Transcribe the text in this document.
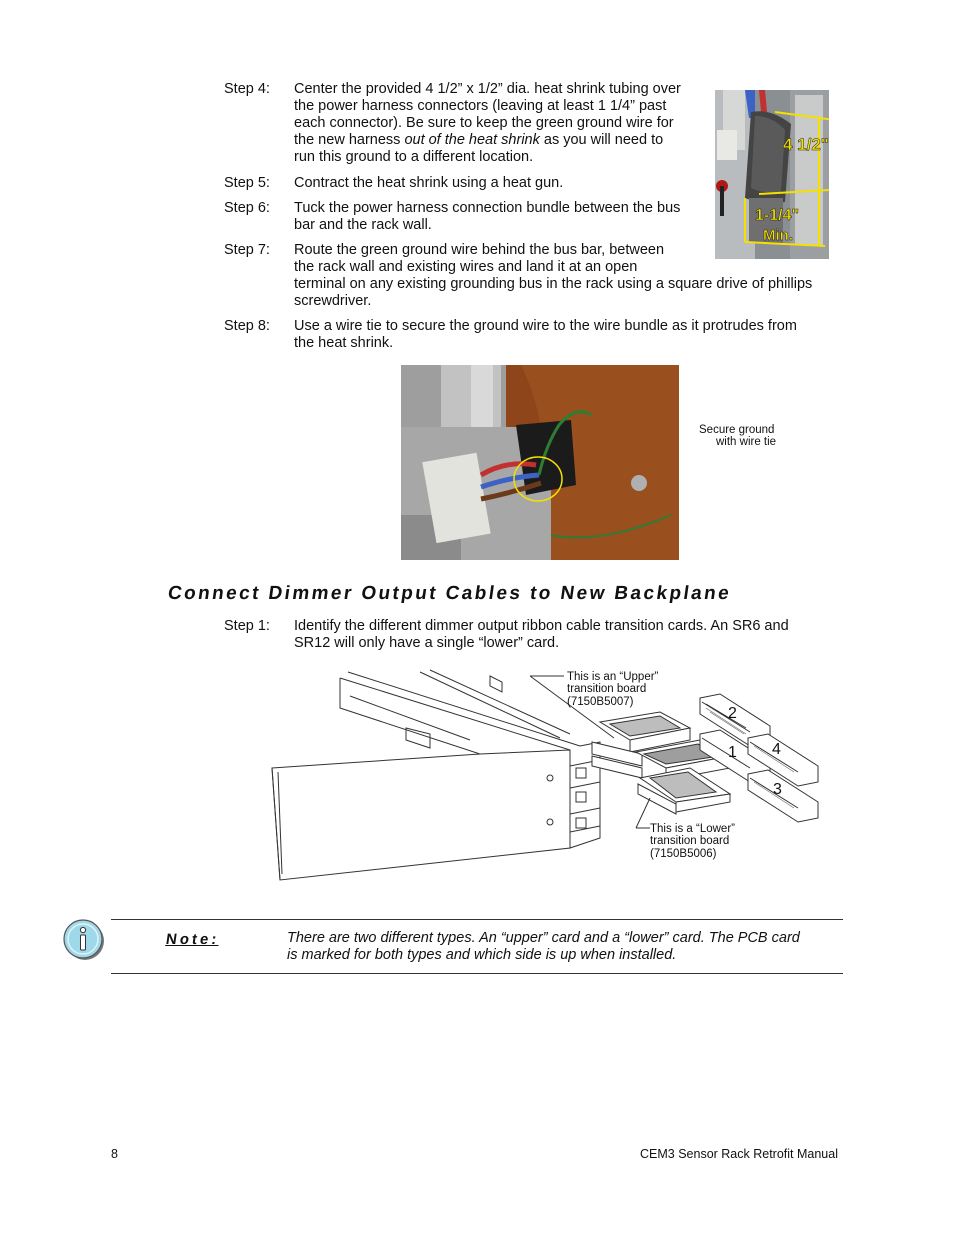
Step 4: Center the provided 4 1/2” x 1/2” dia. heat shrink tubing over
the power harness connectors (leaving at least 1 1/4” past
each connector). Be sure to keep the green ground wire for
the new harness out of the heat shrink as you will need to
run this ground to a different location.
Step 5: Contract the heat shrink using a heat gun.
Step 6: Tuck the power harness connection bundle between the bus
bar and the rack wall.
Step 7: Route the green ground wire behind the bus bar, between
the rack wall and existing wires and land it at an open
terminal on any existing grounding bus in the rack using a square drive of phillips
screwdriver.
Step 8: Use a wire tie to secure the ground wire to the wire bundle as it protrudes from
the heat shrink.
4 1/2"
1-1/4"
Min.
Secure ground
with wire tie
Connect Dimmer Output Cables to New Backplane
Step 1: Identify the different dimmer output ribbon cable transition cards. An SR6 and
SR12 will only have a single “lower” card.
2
1 4
3
This is an “Upper”
transition board
(7150B5007)
This is a “Lower”
transition board
(7150B5006)
Note:	There are two different types. An “upper” card and a “lower” card. The PCB card
is marked for both types and which side is up when installed.
8	CEM3 Sensor Rack Retrofit Manual
